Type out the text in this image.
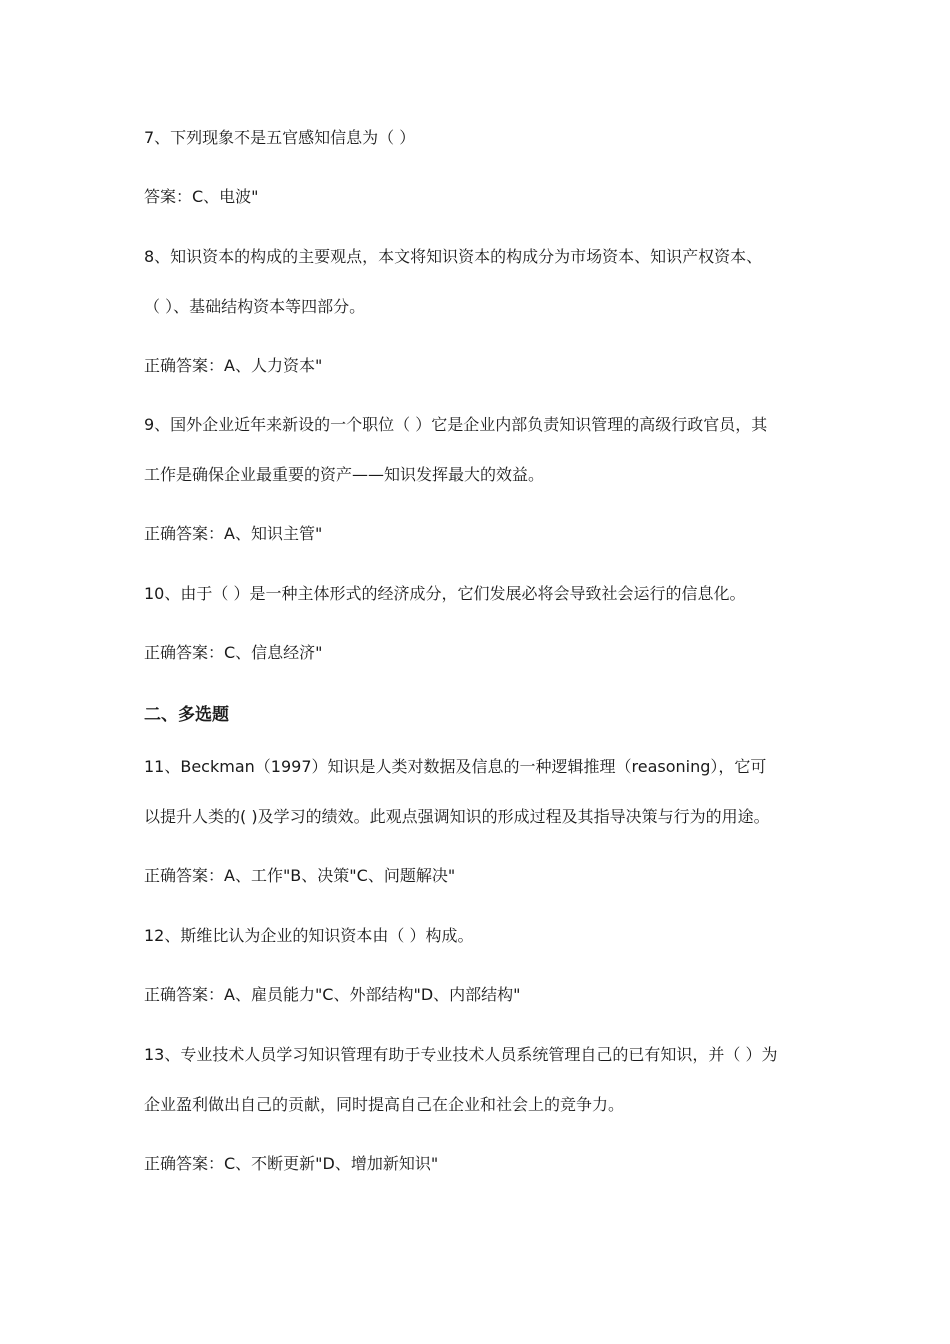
7、下列现象不是五官感知信息为（ ）
答案：C、电波"
8、知识资本的构成的主要观点，本文将知识资本的构成分为市场资本、知识产权资本、
（ ）、基础结构资本等四部分。
正确答案：A、人力资本"
9、国外企业近年来新设的一个职位（ ）它是企业内部负责知识管理的高级行政官员，其
工作是确保企业最重要的资产——知识发挥最大的效益。
正确答案：A、知识主管"
10、由于（ ）是一种主体形式的经济成分，它们发展必将会导致社会运行的信息化。
正确答案：C、信息经济"
二、多选题
11、Beckman（1997）知识是人类对数据及信息的一种逻辑推理（reasoning），它可
以提升人类的( )及学习的绩效。此观点强调知识的形成过程及其指导决策与行为的用途。
正确答案：A、工作"B、决策"C、问题解决"
12、斯维比认为企业的知识资本由（ ）构成。
正确答案：A、雇员能力"C、外部结构"D、内部结构"
13、专业技术人员学习知识管理有助于专业技术人员系统管理自己的已有知识，并（ ）为
企业盈利做出自己的贡献，同时提高自己在企业和社会上的竞争力。
正确答案：C、不断更新"D、增加新知识"
